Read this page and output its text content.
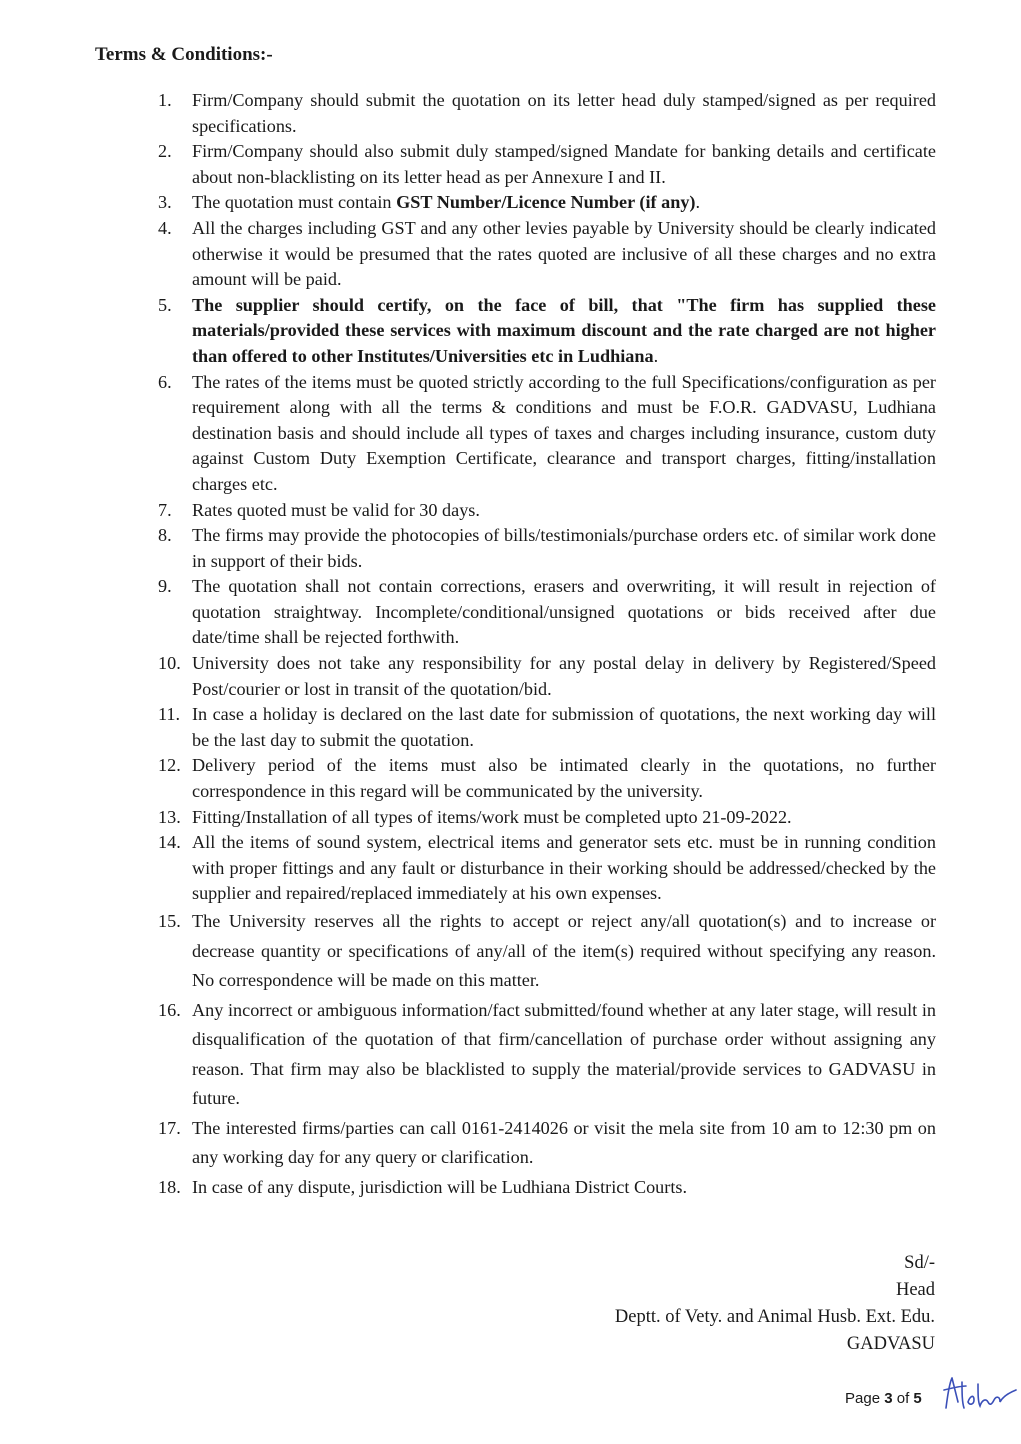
Terms & Conditions:-
1. Firm/Company should submit the quotation on its letter head duly stamped/signed as per required specifications.
2. Firm/Company should also submit duly stamped/signed Mandate for banking details and certificate about non-blacklisting on its letter head as per Annexure I and II.
3. The quotation must contain GST Number/Licence Number (if any).
4. All the charges including GST and any other levies payable by University should be clearly indicated otherwise it would be presumed that the rates quoted are inclusive of all these charges and no extra amount will be paid.
5. The supplier should certify, on the face of bill, that "The firm has supplied these materials/provided these services with maximum discount and the rate charged are not higher than offered to other Institutes/Universities etc in Ludhiana.
6. The rates of the items must be quoted strictly according to the full Specifications/configuration as per requirement along with all the terms & conditions and must be F.O.R. GADVASU, Ludhiana destination basis and should include all types of taxes and charges including insurance, custom duty against Custom Duty Exemption Certificate, clearance and transport charges, fitting/installation charges etc.
7. Rates quoted must be valid for 30 days.
8. The firms may provide the photocopies of bills/testimonials/purchase orders etc. of similar work done in support of their bids.
9. The quotation shall not contain corrections, erasers and overwriting, it will result in rejection of quotation straightway. Incomplete/conditional/unsigned quotations or bids received after due date/time shall be rejected forthwith.
10. University does not take any responsibility for any postal delay in delivery by Registered/Speed Post/courier or lost in transit of the quotation/bid.
11. In case a holiday is declared on the last date for submission of quotations, the next working day will be the last day to submit the quotation.
12. Delivery period of the items must also be intimated clearly in the quotations, no further correspondence in this regard will be communicated by the university.
13. Fitting/Installation of all types of items/work must be completed upto 21-09-2022.
14. All the items of sound system, electrical items and generator sets etc. must be in running condition with proper fittings and any fault or disturbance in their working should be addressed/checked by the supplier and repaired/replaced immediately at his own expenses.
15. The University reserves all the rights to accept or reject any/all quotation(s) and to increase or decrease quantity or specifications of any/all of the item(s) required without specifying any reason. No correspondence will be made on this matter.
16. Any incorrect or ambiguous information/fact submitted/found whether at any later stage, will result in disqualification of the quotation of that firm/cancellation of purchase order without assigning any reason. That firm may also be blacklisted to supply the material/provide services to GADVASU in future.
17. The interested firms/parties can call 0161-2414026 or visit the mela site from 10 am to 12:30 pm on any working day for any query or clarification.
18. In case of any dispute, jurisdiction will be Ludhiana District Courts.
Sd/-
Head
Deptt. of Vety. and Animal Husb. Ext. Edu.
GADVASU
Page 3 of 5
